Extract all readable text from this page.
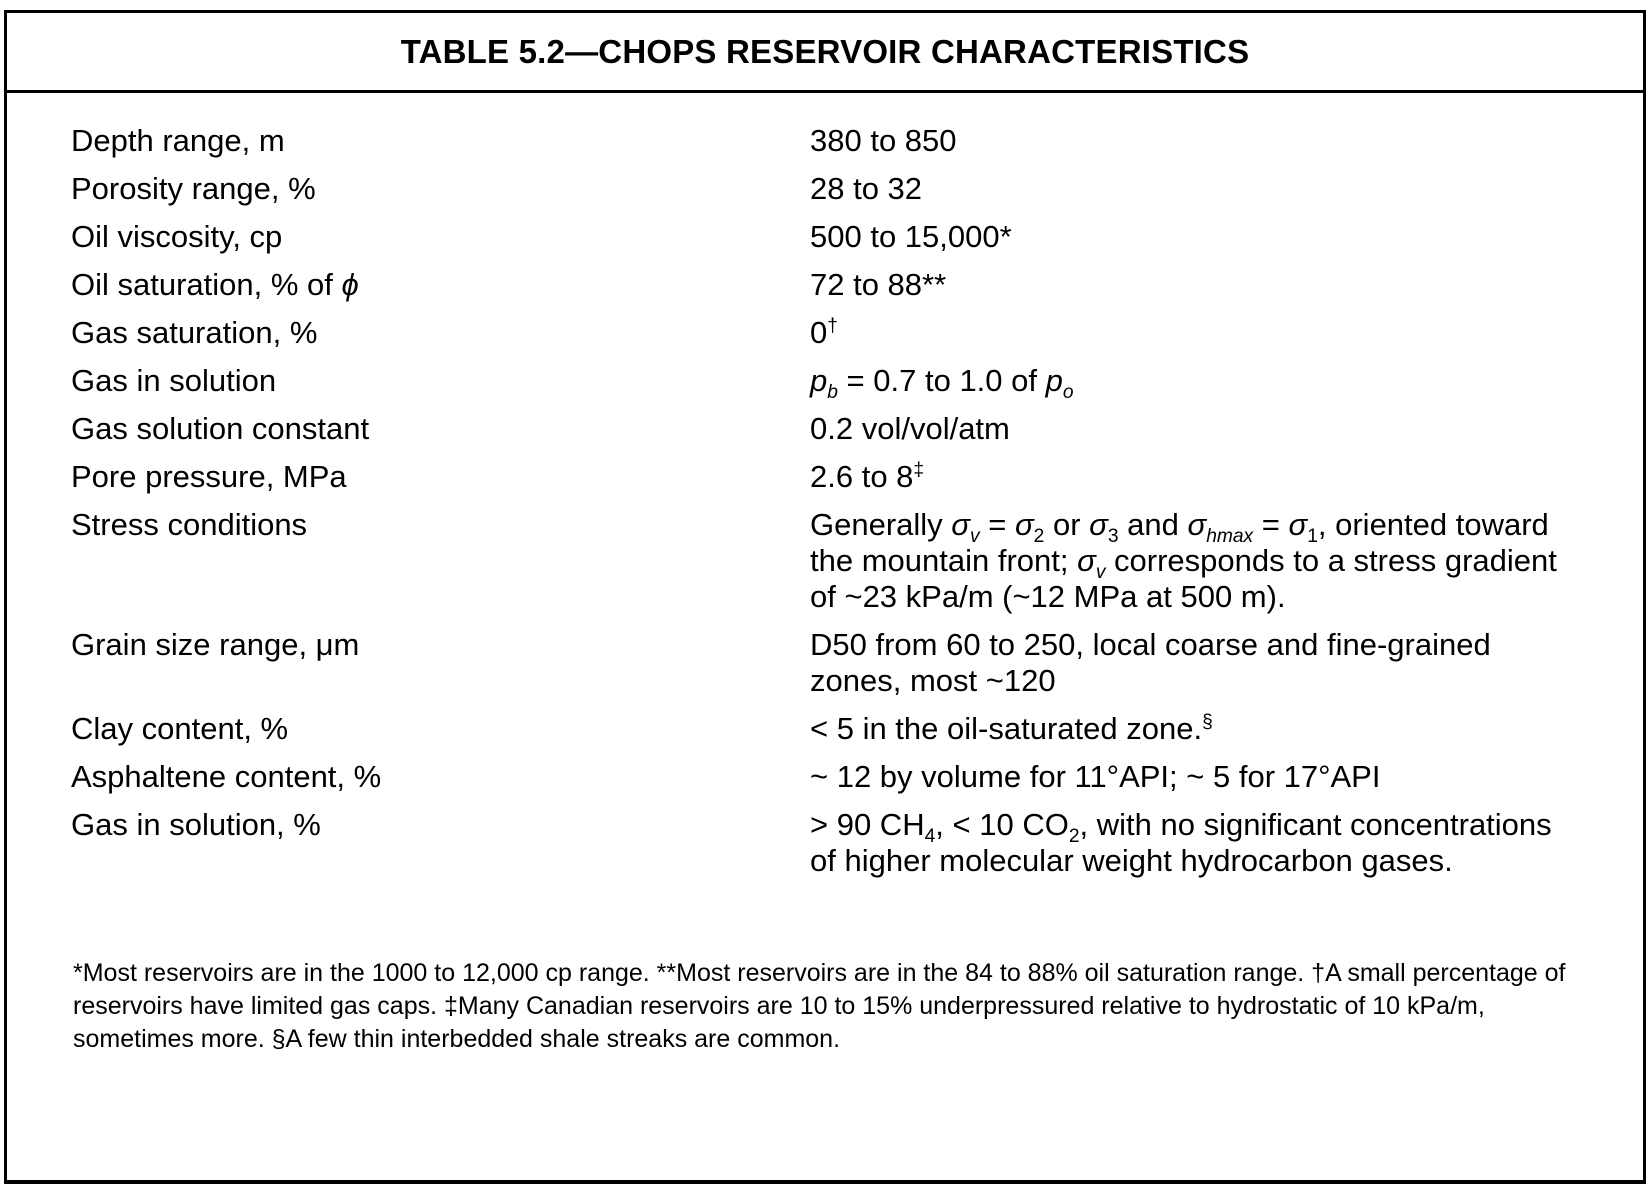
TABLE 5.2—CHOPS RESERVOIR CHARACTERISTICS
Depth range, m	380 to 850
Porosity range, %	28 to 32
Oil viscosity, cp	500 to 15,000*
Oil saturation, % of ϕ	72 to 88**
Gas saturation, %	0†
Gas in solution	$p_b = 0.7$ to 1.0 of $p_o$
Gas solution constant	0.2 vol/vol/atm
Pore pressure, MPa	2.6 to 8‡
Stress conditions	Generally $\sigma_v = \sigma_2$ or $\sigma_3$ and $\sigma_{hmax} = \sigma_1$, oriented toward the mountain front; $\sigma_v$ corresponds to a stress gradient of ~23 kPa/m (~12 MPa at 500 m).
Grain size range, μm	D50 from 60 to 250, local coarse and fine-grained zones, most ~120
Clay content, %	< 5 in the oil-saturated zone.§
Asphaltene content, %	~ 12 by volume for 11°API; ~ 5 for 17°API
Gas in solution, %	> 90 $CH_4$, < 10 $CO_2$, with no significant concentrations of higher molecular weight hydrocarbon gases.

*Most reservoirs are in the 1000 to 12,000 cp range. **Most reservoirs are in the 84 to 88% oil saturation range. †A small percentage of reservoirs have limited gas caps. ‡Many Canadian reservoirs are 10 to 15% underpressured relative to hydrostatic of 10 kPa/m, sometimes more. §A few thin interbedded shale streaks are common.
